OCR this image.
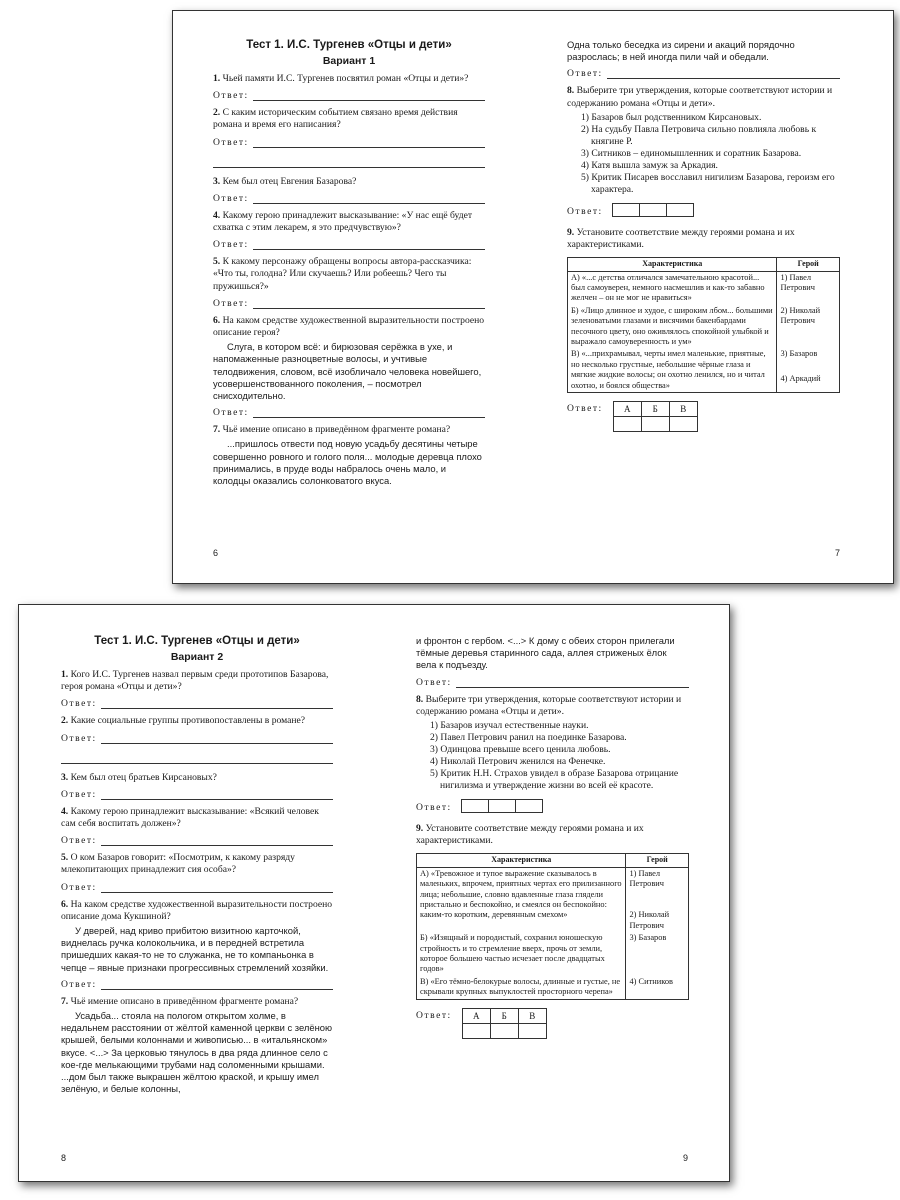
Тест 1. И.С. Тургенев «Отцы и дети»
Вариант 1
1. Чьей памяти И.С. Тургенев посвятил роман «Отцы и дети»?
Ответ:
2. С каким историческим событием связано время действия романа и время его написания?
Ответ:
3. Кем был отец Евгения Базарова?
Ответ:
4. Какому герою принадлежит высказывание: «У нас ещё будет схватка с этим лекарем, я это предчувствую»?
Ответ:
5. К какому персонажу обращены вопросы автора-рассказчика: «Что ты, голодна? Или скучаешь? Или робеешь? Чего ты пружишься?»
Ответ:
6. На каком средстве художественной выразительности построено описание героя?
Слуга, в котором всё: и бирюзовая серёжка в ухе, и напомаженные разноцветные волосы, и учтивые телодвижения, словом, всё изобличало человека новейшего, усовершенствованного поколения, – посмотрел снисходительно.
Ответ:
7. Чьё имение описано в приведённом фрагменте романа?
...пришлось отвести под новую усадьбу десятины четыре совершенно ровного и голого поля... молодые деревца плохо принимались, в пруде воды набралось очень мало, и колодцы оказались солонковатого вкуса.
Одна только беседка из сирени и акаций порядочно разрослась; в ней иногда пили чай и обедали.
Ответ:
8. Выберите три утверждения, которые соответствуют истории и содержанию романа «Отцы и дети».
1) Базаров был родственником Кирсановых.
2) На судьбу Павла Петровича сильно повлияла любовь к княгине Р.
3) Ситников – единомышленник и соратник Базарова.
4) Катя вышла замуж за Аркадия.
5) Критик Писарев восславил нигилизм Базарова, героизм его характера.
Ответ:
9. Установите соответствие между героями романа и их характеристиками.
Характеристика	Герой
А) «...с детства отличался замечательною красотой... был самоуверен, немного насмешлив и как-то забавно желчен – он не мог не нравиться»	1) Павел Петрович
Б) «Лицо длинное и худое, с широким лбом... большими зеленоватыми глазами и висячими бакенбардами песочного цвету, оно оживлялось спокойной улыбкой и выражало самоуверенность и ум»	2) Николай Петрович
В) «...прихрамывал, черты имел маленькие, приятные, но несколько грустные, небольшие чёрные глаза и мягкие жидкие волосы; он охотно ленился, но и читал охотно, и боялся общества»	3) Базаров
4) Аркадий
Ответ: А	Б	В

6	7
Тест 1. И.С. Тургенев «Отцы и дети»
Вариант 2
1. Кого И.С. Тургенев назвал первым среди прототипов Базарова, героя романа «Отцы и дети»?
Ответ:
2. Какие социальные группы противопоставлены в романе?
Ответ:
3. Кем был отец братьев Кирсановых?
Ответ:
4. Какому герою принадлежит высказывание: «Всякий человек сам себя воспитать должен»?
Ответ:
5. О ком Базаров говорит: «Посмотрим, к какому разряду млекопитающих принадлежит сия особа»?
Ответ:
6. На каком средстве художественной выразительности построено описание дома Кукшиной?
У дверей, над криво прибитою визитною карточкой, виднелась ручка колокольчика, и в передней встретила пришедших какая-то не то служанка, не то компаньонка в чепце – явные признаки прогрессивных стремлений хозяйки.
Ответ:
7. Чьё имение описано в приведённом фрагменте романа?
Усадьба... стояла на пологом открытом холме, в недальнем расстоянии от жёлтой каменной церкви с зелёною крышей, белыми колоннами и живописью... в «итальянском» вкусе. <...> За церковью тянулось в два ряда длинное село с кое-где мелькающими трубами над соломенными крышами. ...дом был также выкрашен жёлтою краской, и крышу имел зелёную, и белые колонны,
и фронтон с гербом. <...> К дому с обеих сторон прилегали тёмные деревья старинного сада, аллея стриженых ёлок вела к подъезду.
Ответ:
8. Выберите три утверждения, которые соответствуют истории и содержанию романа «Отцы и дети».
1) Базаров изучал естественные науки.
2) Павел Петрович ранил на поединке Базарова.
3) Одинцова превыше всего ценила любовь.
4) Николай Петрович женился на Фенечке.
5) Критик Н.Н. Страхов увидел в образе Базарова отрицание нигилизма и утверждение жизни во всей её красоте.
Ответ:
9. Установите соответствие между героями романа и их характеристиками.
Характеристика	Герой
А) «Тревожное и тупое выражение сказывалось в маленьких, впрочем, приятных чертах его прилизанного лица; небольшие, словно вдавленные глаза глядели пристально и беспокойно, и смеялся он беспокойно: каким-то коротким, деревянным смехом»	1) Павел Петрович

2) Николай Петрович
Б) «Изящный и породистый, сохранил юношескую стройность и то стремление вверх, прочь от земли, которое большею частью исчезает после двадцатых годов»	3) Базаров
В) «Его тёмно-белокурые волосы, длинные и густые, не скрывали крупных выпуклостей просторного черепа»	4) Ситников
Ответ: А	Б	В

8	9
